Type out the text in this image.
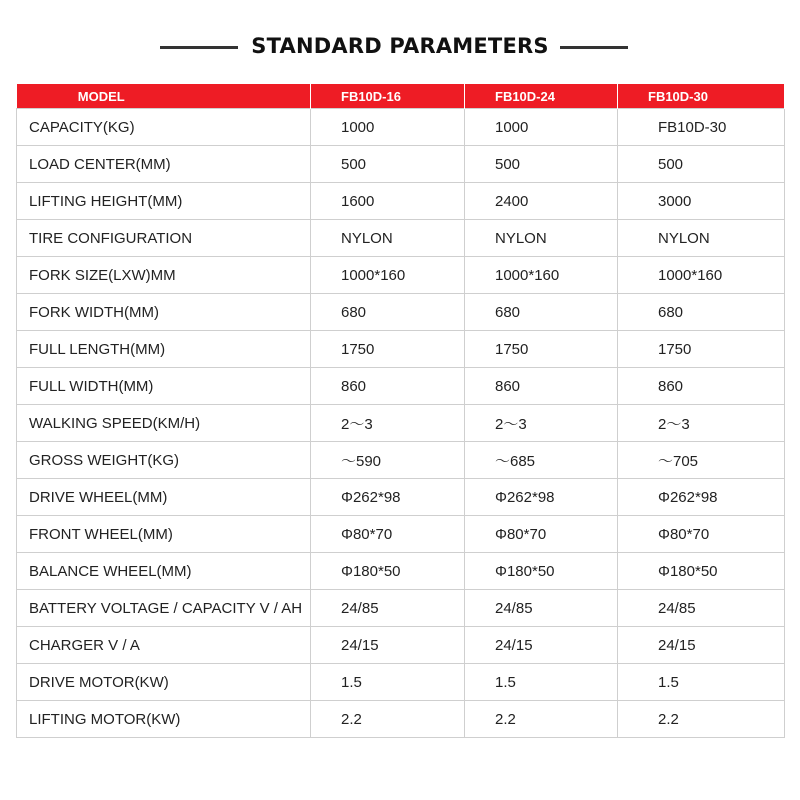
STANDARD PARAMETERS
MODEL	FB10D-16	FB10D-24	FB10D-30
CAPACITY(KG)	1000	1000	FB10D-30
LOAD CENTER(MM)	500	500	500
LIFTING HEIGHT(MM)	1600	2400	3000
TIRE CONFIGURATION	NYLON	NYLON	NYLON
FORK SIZE(LXW)MM	1000*160	1000*160	1000*160
FORK WIDTH(MM)	680	680	680
FULL LENGTH(MM)	1750	1750	1750
FULL WIDTH(MM)	860	860	860
WALKING SPEED(KM/H)	2～3	2～3	2～3
GROSS WEIGHT(KG)	～590	～685	～705
DRIVE WHEEL(MM)	Φ262*98	Φ262*98	Φ262*98
FRONT WHEEL(MM)	Φ80*70	Φ80*70	Φ80*70
BALANCE WHEEL(MM)	Φ180*50	Φ180*50	Φ180*50
BATTERY VOLTAGE / CAPACITY V / AH	24/85	24/85	24/85
CHARGER V / A	24/15	24/15	24/15
DRIVE MOTOR(KW)	1.5	1.5	1.5
LIFTING MOTOR(KW)	2.2	2.2	2.2
